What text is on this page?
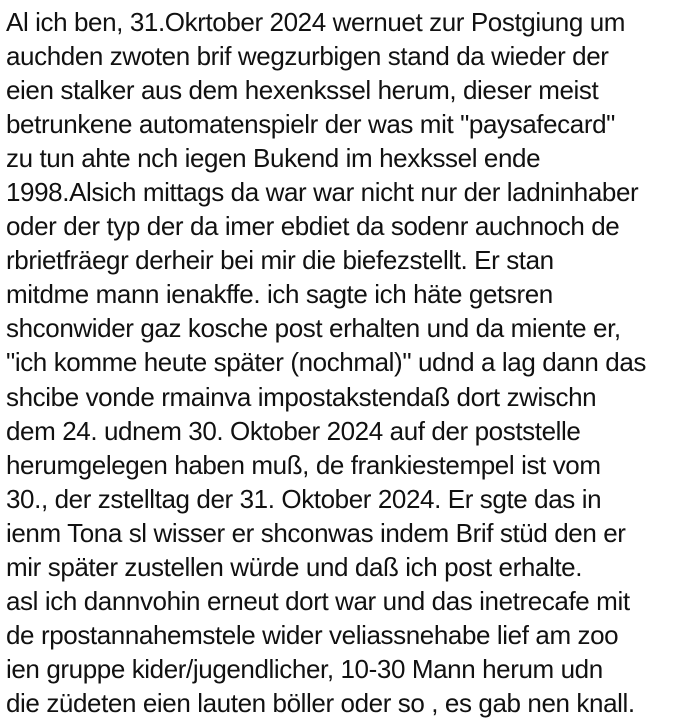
Al ich ben, 31.Okrtober 2024 wernuet zur Postgiung um
auchden zwoten brif wegzurbigen stand da wieder der
eien stalker aus dem hexenkssel herum, dieser meist
betrunkene automatenspielr der was mit "paysafecard"
zu tun ahte nch iegen Bukend im hexkssel ende
1998.Alsich mittags da war war nicht nur der ladninhaber
oder der typ der da imer ebdiet da sodenr auchnoch de
rbrietfräegr derheir bei mir die biefezstellt. Er stan
mitdme mann ienakffe. ich sagte ich häte getsren
shconwider gaz kosche post erhalten und da miente er,
"ich komme heute später (nochmal)" udnd a lag dann das
shcibe vonde rmainva impostakstendaß dort zwischn
dem 24. udnem 30. Oktober 2024 auf der poststelle
herumgelegen haben muß, de frankiestempel ist vom
30., der zstelltag der 31. Oktober 2024. Er sgte das in
ienm Tona sl wisser er shconwas indem Brif stüd den er
mir später zustellen würde und daß ich post erhalte.
asl ich dannvohin erneut dort war und das inetrecafe mit
de rpostannahemstele wider veliassnehabe lief am zoo
ien gruppe kider/jugendlicher, 10-30 Mann herum udn
die züdeten eien lauten böller oder so , es gab nen knall.
